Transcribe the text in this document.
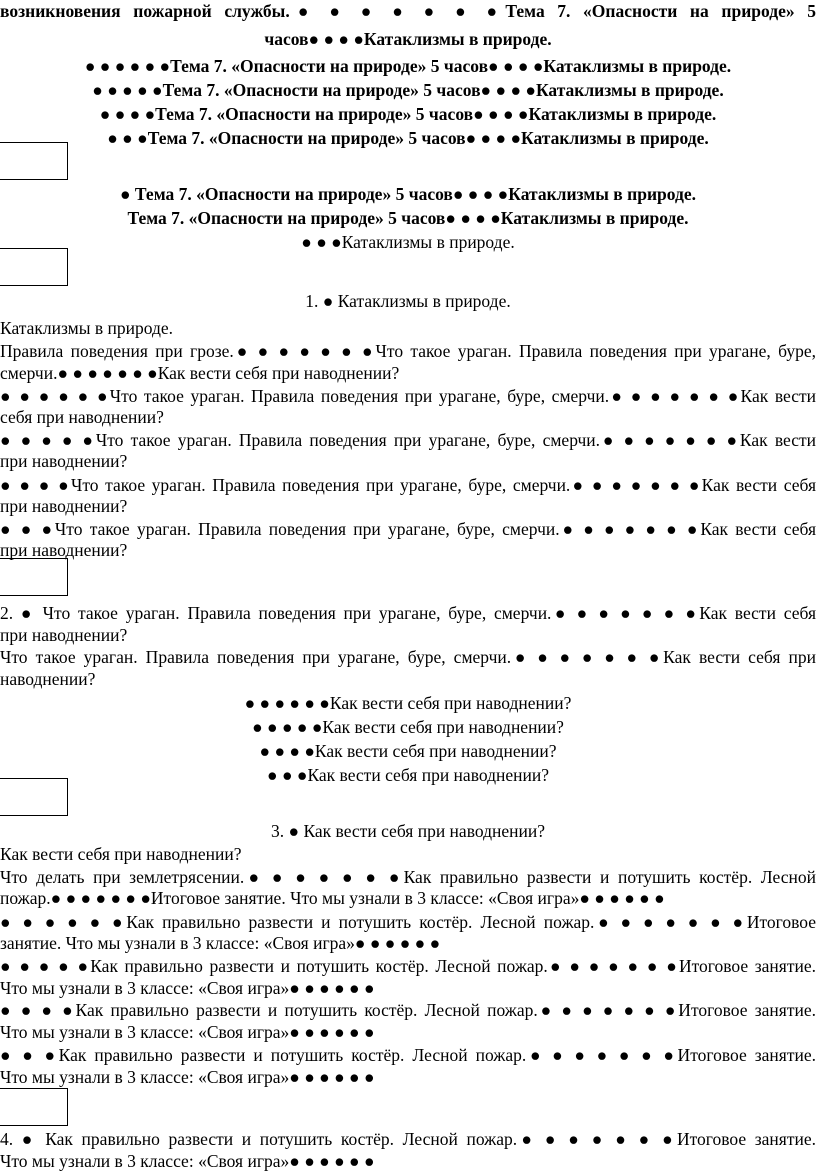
возникновения пожарной службы.● ● ● ● ● ● ●Тема 7. «Опасности на природе» 5
часов● ● ● ●Катаклизмы в природе.
● ● ● ● ● ●Тема 7. «Опасности на природе» 5 часов● ● ● ●Катаклизмы в природе.
● ● ● ● ●Тема 7. «Опасности на природе» 5 часов● ● ● ●Катаклизмы в природе.
● ● ● ●Тема 7. «Опасности на природе» 5 часов● ● ● ●Катаклизмы в природе.
● ● ●Тема 7. «Опасности на природе» 5 часов● ● ● ●Катаклизмы в природе.
● Тема 7. «Опасности на природе» 5 часов● ● ● ●Катаклизмы в природе.
Тема 7. «Опасности на природе» 5 часов● ● ● ●Катаклизмы в природе.
● ● ●Катаклизмы в природе.
1. ● Катаклизмы в природе.
Катаклизмы в природе.
Правила поведения при грозе.● ● ● ● ● ● ●Что такое ураган. Правила поведения при урагане, буре,
смерчи.● ● ● ● ● ● ●Как вести себя при наводнении?
● ● ● ● ● ●Что такое ураган. Правила поведения при урагане, буре, смерчи.● ● ● ● ● ● ●Как вести
себя при наводнении?
● ● ● ● ●Что такое ураган. Правила поведения при урагане, буре, смерчи.● ● ● ● ● ● ●Как вести
при наводнении?
● ● ● ●Что такое ураган. Правила поведения при урагане, буре, смерчи.● ● ● ● ● ● ●Как вести себя
при наводнении?
● ● ●Что такое ураган. Правила поведения при урагане, буре, смерчи.● ● ● ● ● ● ●Как вести себя
при наводнении?
2. ● Что такое ураган. Правила поведения при урагане, буре, смерчи.● ● ● ● ● ● ●Как вести себя
при наводнении?
Что такое ураган. Правила поведения при урагане, буре, смерчи.● ● ● ● ● ● ●Как вести себя при
наводнении?
● ● ● ● ● ●Как вести себя при наводнении?
● ● ● ● ●Как вести себя при наводнении?
● ● ● ●Как вести себя при наводнении?
● ● ●Как вести себя при наводнении?
3. ● Как вести себя при наводнении?
Как вести себя при наводнении?
Что делать при землетрясении.● ● ● ● ● ● ●Как правильно развести и потушить костёр. Лесной
пожар.● ● ● ● ● ● ●Итоговое занятие. Что мы узнали в 3 классе: «Своя игра»● ● ● ● ● ●
● ● ● ● ● ●Как правильно развести и потушить костёр. Лесной пожар.● ● ● ● ● ● ●Итоговое
занятие. Что мы узнали в 3 классе: «Своя игра»● ● ● ● ● ●
● ● ● ● ●Как правильно развести и потушить костёр. Лесной пожар.● ● ● ● ● ● ●Итоговое занятие.
Что мы узнали в 3 классе: «Своя игра»● ● ● ● ● ●
● ● ● ●Как правильно развести и потушить костёр. Лесной пожар.● ● ● ● ● ● ●Итоговое занятие.
Что мы узнали в 3 классе: «Своя игра»● ● ● ● ● ●
● ● ●Как правильно развести и потушить костёр. Лесной пожар.● ● ● ● ● ● ●Итоговое занятие.
Что мы узнали в 3 классе: «Своя игра»● ● ● ● ● ●
4. ● Как правильно развести и потушить костёр. Лесной пожар.● ● ● ● ● ● ●Итоговое занятие.
Что мы узнали в 3 классе: «Своя игра»● ● ● ● ● ●
